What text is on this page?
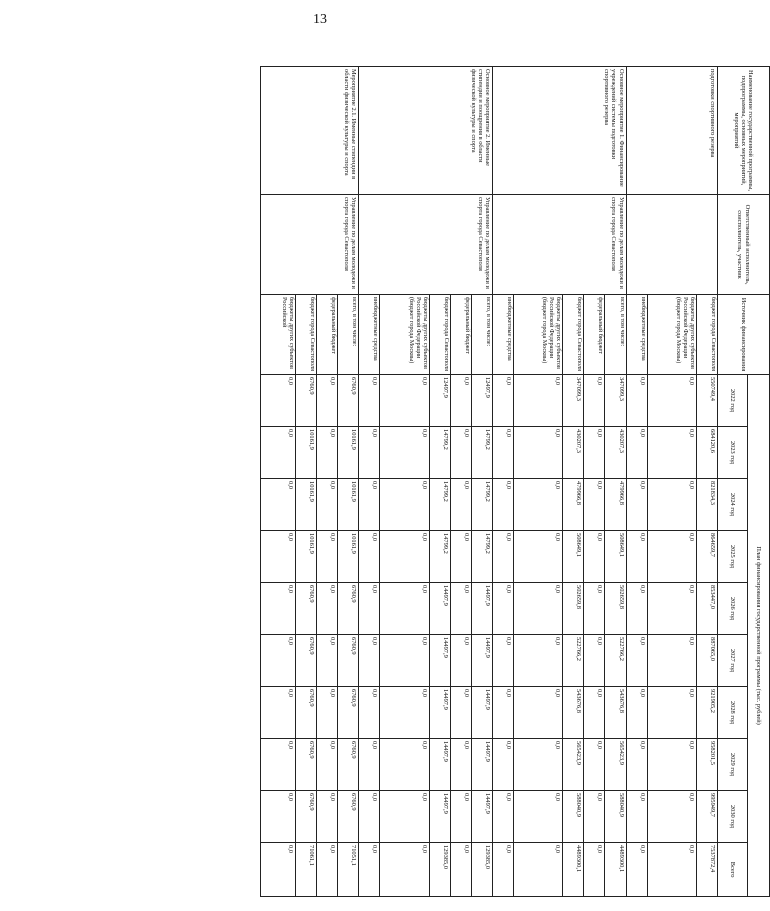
13
Наименование государственной программы, подпрограммы, основных мероприятий, мероприятий	Ответственный исполнитель, соисполнитель, участник	Источник финансирования	План финансирования государственной программы (тыс. рублей)									
			2022 год	2023 год	2024 год	2025 год	2026 год	2027 год	2028 год	2029 год	2030 год	Всего
подготовки спортивного резерва		бюджет города Севастополя	550749,4	684120,6	821834,3	864659,7	853447,0	887065,0	921905,2	958201,5	995949,7	7537872,4
		бюджеты других субъектов Российской Федерации (бюджет города Москвы)	0,0	0,0	0,0	0,0	0,0	0,0	0,0	0,0	0,0	0,0
		внебюджетные средства	0,0	0,0	0,0	0,0	0,0	0,0	0,0	0,0	0,0	0,0
Основное мероприятие 1. Финансирование учреждений системы подготовки спортивного резерва	Управление по делам молодежи и спорта города Севастополя	всего, в том числе:	347099,3	430207,3	479966,8	508649,1	502659,8	522766,2	543676,8	565423,9	588040,9	4489300,1
		федеральный бюджет	0,0	0,0	0,0	0,0	0,0	0,0	0,0	0,0	0,0	0,0
		бюджет города Севастополя	347099,3	430207,3	479966,8	508649,1	502659,8	522766,2	543676,8	565423,9	588040,9	4489300,1
		бюджеты других субъектов Российской Федерации (бюджет города Москвы)	0,0	0,0	0,0	0,0	0,0	0,0	0,0	0,0	0,0	0,0
		внебюджетные средства	0,0	0,0	0,0	0,0	0,0	0,0	0,0	0,0	0,0	0,0
Основное мероприятие 2. Именные стипендии и поощрения в области физической культуры и спорта	Управление по делам молодежи и спорта города Севастополя	всего, в том числе:	12497,9	14799,2	14799,2	14799,2	14497,9	14497,9	14497,9	14497,9	14497,9	129385,0
		федеральный бюджет	0,0	0,0	0,0	0,0	0,0	0,0	0,0	0,0	0,0	0,0
		бюджет города Севастополя	12497,9	14799,2	14799,2	14799,2	14497,9	14497,9	14497,9	14497,9	14497,9	129385,0
		бюджеты других субъектов Российской Федерации (бюджет города Москвы)	0,0	0,0	0,0	0,0	0,0	0,0	0,0	0,0	0,0	0,0
		внебюджетные средства	0,0	0,0	0,0	0,0	0,0	0,0	0,0	0,0	0,0	0,0
Мероприятие 2.1. Именные стипендии в области физической культуры и спорта	Управление по делам молодежи и спорта города Севастополя	всего, в том числе:	6760,9	10161,9	10161,9	10161,9	6760,9	6760,9	6760,9	6760,9	6760,9	71051,1
		федеральный бюджет	0,0	0,0	0,0	0,0	0,0	0,0	0,0	0,0	0,0	0,0
		бюджет города Севастополя	6760,9	10161,9	10161,9	10161,9	6760,9	6760,9	6760,9	6760,9	6760,9	71061,1
		бюджеты других субъектов Российской	0,0	0,0	0,0	0,0	0,0	0,0	0,0	0,0	0,0	0,0
